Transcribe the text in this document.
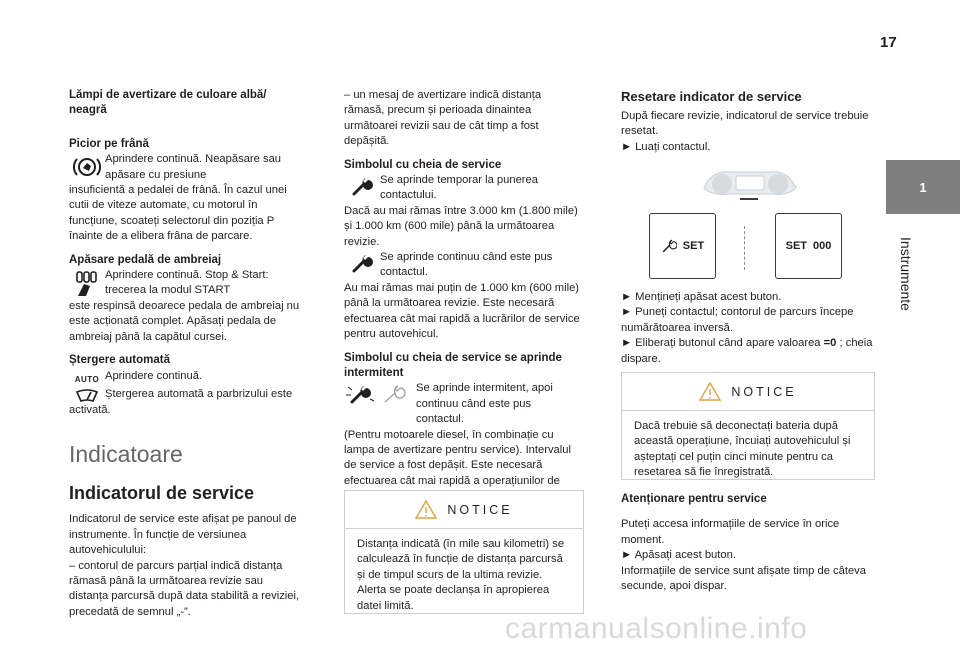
17
1
Instrumente
Lămpi de avertizare de culoare albă/ neagră
Picior pe frână
Aprindere continuă. Neapăsare sau apăsare cu presiune

insuficientă a pedalei de frână. În cazul unei cutii de viteze automate, cu motorul în funcțiune, scoateți selectorul din poziția P înainte de a elibera frâna de parcare.

Apăsare pedală de ambreiaj
Aprindere continuă. Stop & Start: trecerea la modul START

este respinsă deoarece pedala de ambreiaj nu este acționată complet. Apăsați pedala de ambreiaj până la capătul cursei.

Ștergere automată
AUTO Aprindere continuă.
Ștergerea automată a parbrizului este

activată.

Indicatoare
Indicatorul de service

Indicatorul de service este afișat pe panoul de instrumente. În funcție de versiunea autovehiculului:

– contorul de parcurs parțial indică distanța rămasă până la următoarea revizie sau distanța parcursă după data stabilită a reviziei, precedată de semnul „-”.

– un mesaj de avertizare indică distanța rămasă, precum și perioada dinaintea următoarei revizii sau de cât timp a fost depășită.

Simbolul cu cheia de service
Se aprinde temporar la punerea contactului.

Dacă au mai rămas între 3.000 km (1.800 mile) și 1.000 km (600 mile) până la următoarea revizie.

Se aprinde continuu când este pus contactul.

Au mai rămas mai puțin de 1.000 km (600 mile) până la următoarea revizie. Este necesară efectuarea cât mai rapidă a lucrărilor de service pentru autovehicul.

Simbolul cu cheia de service se aprinde intermitent
Se aprinde intermitent, apoi continuu când este pus contactul.

(Pentru motoarele diesel, în combinație cu lampa de avertizare pentru service). Intervalul de service a fost depășit. Este necesară efectuarea cât mai rapidă a operațiunilor de

NOTICE
Distanța indicată (în mile sau kilometri) se calculează în funcție de distanța parcursă și de timpul scurs de la ultima revizie. Alerta se poate declanșa în apropierea datei limită.
Resetare indicator de service

După fiecare revizie, indicatorul de service trebuie resetat.

► Luați contactul.

SET	SET 000

► Mențineți apăsat acest buton.

► Puneți contactul; contorul de parcurs începe numărătoarea inversă.

► Eliberați butonul când apare valoarea =0 ; cheia dispare.

NOTICE
Dacă trebuie să deconectați bateria după această operațiune, încuiați autovehiculul și așteptați cel puțin cinci minute pentru ca resetarea să fie înregistrată.
Atenționare pentru service

Puteți accesa informațiile de service în orice moment.

► Apăsați acest buton.

Informațiile de service sunt afișate timp de câteva secunde, apoi dispar.

carmanualsonline.info
